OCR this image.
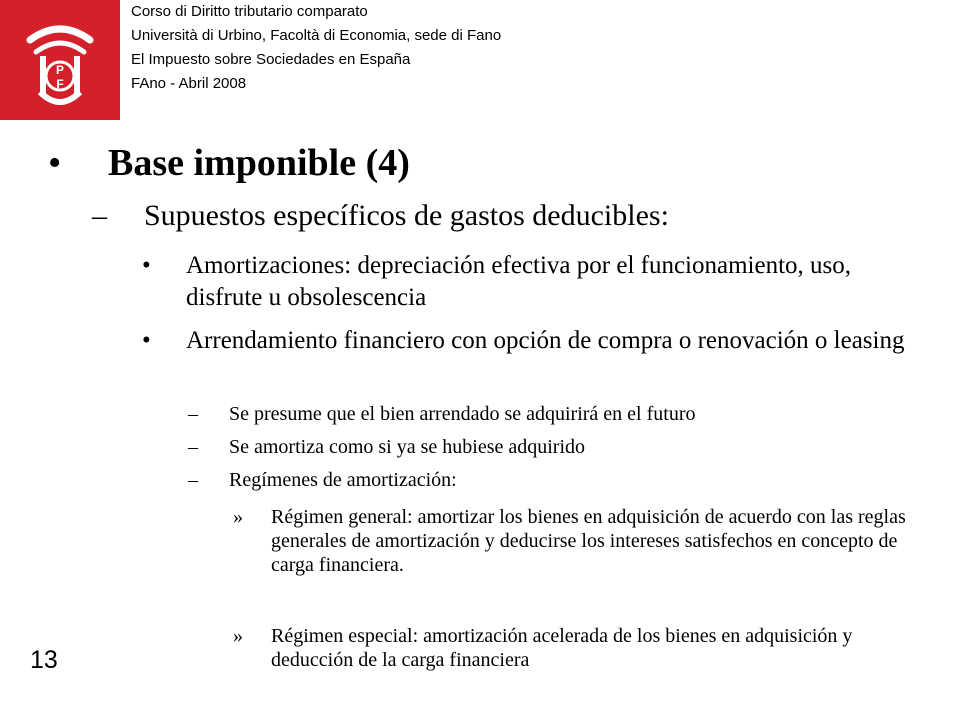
P
F
Corso di Diritto tributario comparato
Università di Urbino, Facoltà di Economia, sede di Fano
El Impuesto sobre Sociedades en España
FAno - Abril 2008
• Base imponible (4)
– Supuestos específicos de gastos deducibles:
• Amortizaciones: depreciación efectiva por el funcionamiento, uso, disfrute u obsolescencia
• Arrendamiento financiero con opción de compra o renovación o leasing
– Se presume que el bien arrendado se adquirirá en el futuro
– Se amortiza como si ya se hubiese adquirido
– Regímenes de amortización:
» Régimen general: amortizar los bienes en adquisición de acuerdo con las reglas generales de amortización y deducirse los intereses satisfechos en concepto de carga financiera.
» Régimen especial: amortización acelerada de los bienes en adquisición y deducción de la carga financiera
13
